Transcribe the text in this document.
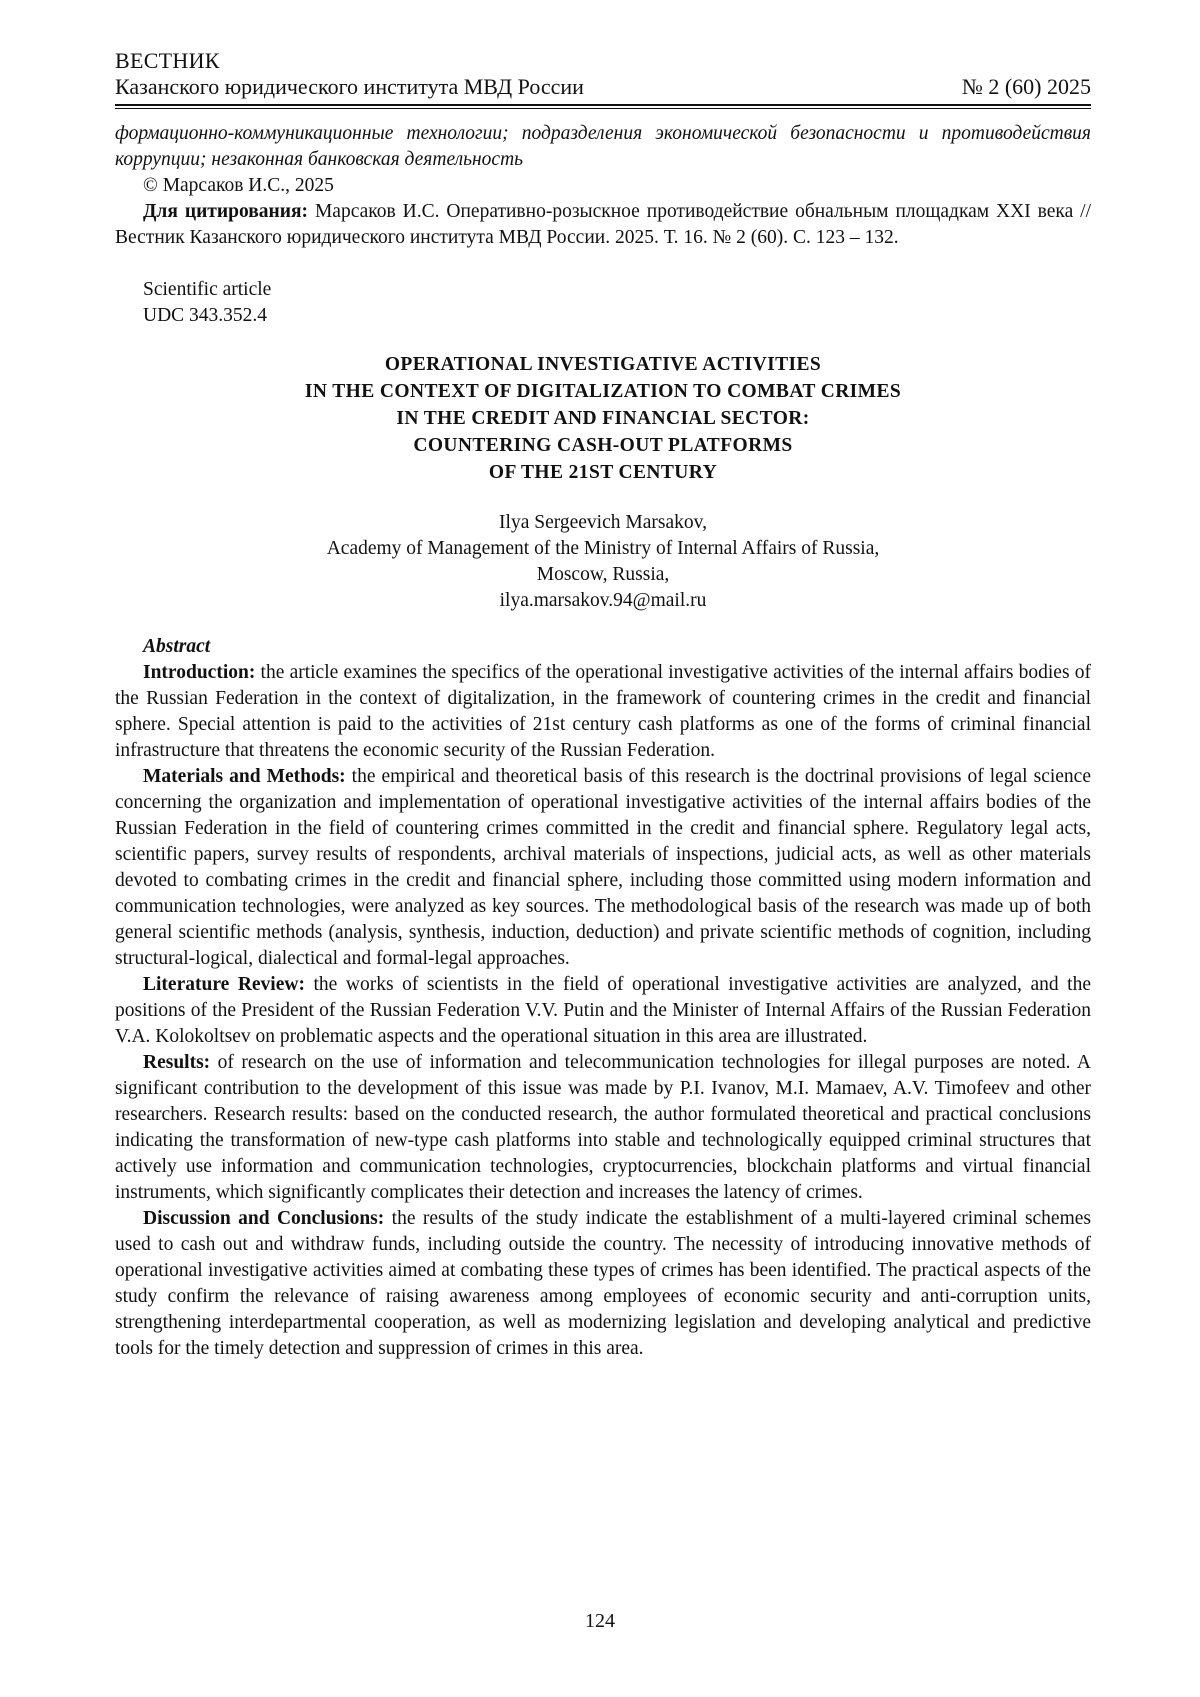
ВЕСТНИК
Казанского юридического института МВД России	№ 2 (60) 2025
формационно-коммуникационные технологии; подразделения экономической безопасности и противодействия коррупции; незаконная банковская деятельность
© Марсаков И.С., 2025
Для цитирования: Марсаков И.С. Оперативно-розыскное противодействие обнальным площадкам XXI века // Вестник Казанского юридического института МВД России. 2025. Т. 16. № 2 (60). С. 123 – 132.
Scientific article
UDC 343.352.4
OPERATIONAL INVESTIGATIVE ACTIVITIES
IN THE CONTEXT OF DIGITALIZATION TO COMBAT CRIMES
IN THE CREDIT AND FINANCIAL SECTOR:
COUNTERING CASH-OUT PLATFORMS
OF THE 21ST CENTURY
Ilya Sergeevich Marsakov,
Academy of Management of the Ministry of Internal Affairs of Russia,
Moscow, Russia,
ilya.marsakov.94@mail.ru
Abstract

Introduction: the article examines the specifics of the operational investigative activities of the internal affairs bodies of the Russian Federation in the context of digitalization, in the framework of countering crimes in the credit and financial sphere. Special attention is paid to the activities of 21st century cash platforms as one of the forms of criminal financial infrastructure that threatens the economic security of the Russian Federation.

Materials and Methods: the empirical and theoretical basis of this research is the doctrinal provisions of legal science concerning the organization and implementation of operational investigative activities of the internal affairs bodies of the Russian Federation in the field of countering crimes committed in the credit and financial sphere. Regulatory legal acts, scientific papers, survey results of respondents, archival materials of inspections, judicial acts, as well as other materials devoted to combating crimes in the credit and financial sphere, including those committed using modern information and communication technologies, were analyzed as key sources. The methodological basis of the research was made up of both general scientific methods (analysis, synthesis, induction, deduction) and private scientific methods of cognition, including structural-logical, dialectical and formal-legal approaches.

Literature Review: the works of scientists in the field of operational investigative activities are analyzed, and the positions of the President of the Russian Federation V.V. Putin and the Minister of Internal Affairs of the Russian Federation V.A. Kolokoltsev on problematic aspects and the operational situation in this area are illustrated.

Results: of research on the use of information and telecommunication technologies for illegal purposes are noted. A significant contribution to the development of this issue was made by P.I. Ivanov, M.I. Mamaev, A.V. Timofeev and other researchers. Research results: based on the conducted research, the author formulated theoretical and practical conclusions indicating the transformation of new-type cash platforms into stable and technologically equipped criminal structures that actively use information and communication technologies, cryptocurrencies, blockchain platforms and virtual financial instruments, which significantly complicates their detection and increases the latency of crimes.

Discussion and Conclusions: the results of the study indicate the establishment of a multi-layered criminal schemes used to cash out and withdraw funds, including outside the country. The necessity of introducing innovative methods of operational investigative activities aimed at combating these types of crimes has been identified. The practical aspects of the study confirm the relevance of raising awareness among employees of economic security and anti-corruption units, strengthening interdepartmental cooperation, as well as modernizing legislation and developing analytical and predictive tools for the timely detection and suppression of crimes in this area.

124
